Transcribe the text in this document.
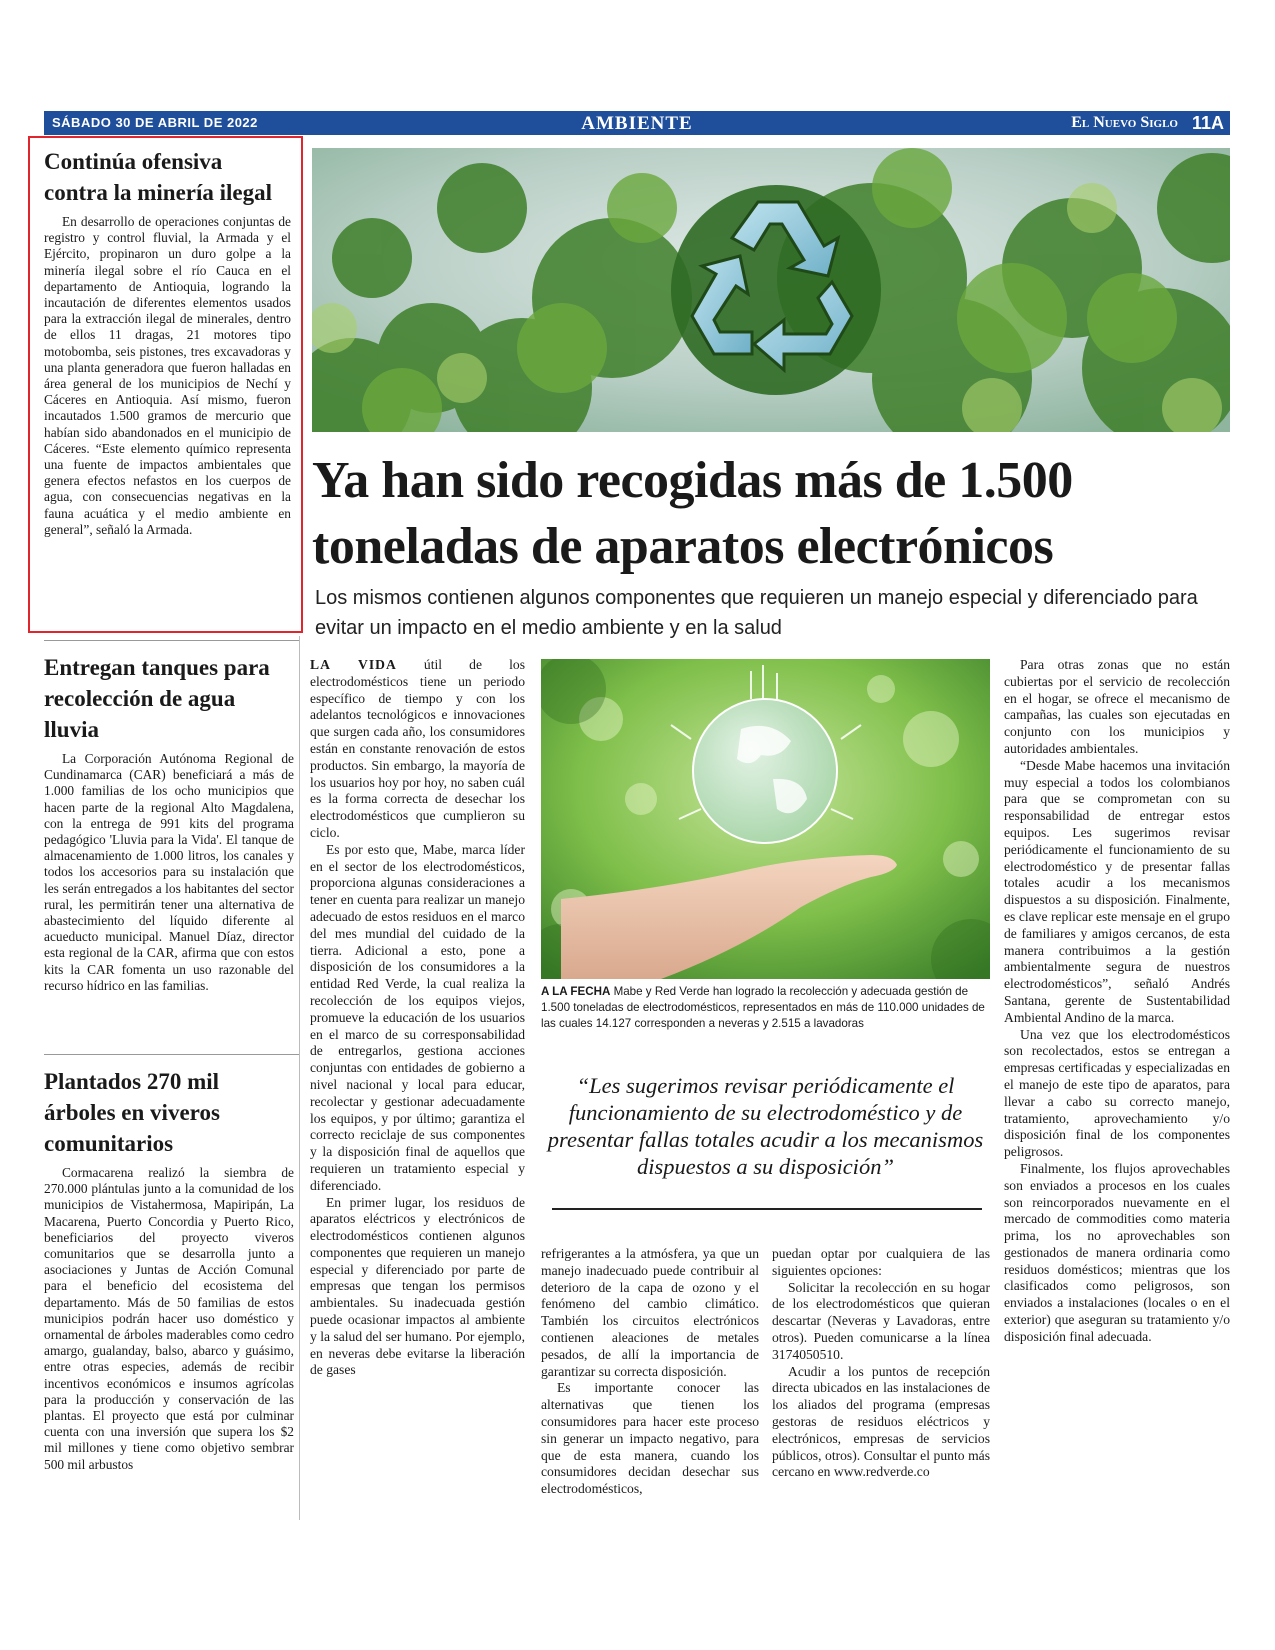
SÁBADO 30 DE ABRIL DE 2022	AMBIENTE	El Nuevo Siglo 11A
Continúa ofensiva contra la minería ilegal

En desarrollo de operaciones conjuntas de registro y control fluvial, la Armada y el Ejército, propinaron un duro golpe a la minería ilegal sobre el río Cauca en el departamento de Antioquia, logrando la incautación de diferentes elementos usados para la extracción ilegal de minerales, dentro de ellos 11 dragas, 21 motores tipo motobomba, seis pistones, tres excavadoras y una planta generadora que fueron halladas en área general de los municipios de Nechí y Cáceres en Antioquia. Así mismo, fueron incautados 1.500 gramos de mercurio que habían sido abandonados en el municipio de Cáceres. “Este elemento químico representa una fuente de impactos ambientales que genera efectos nefastos en los cuerpos de agua, con consecuencias negativas en la fauna acuática y el medio ambiente en general”, señaló la Armada.

Entregan tanques para recolección de agua lluvia

La Corporación Autónoma Regional de Cundinamarca (CAR) beneficiará a más de 1.000 familias de los ocho municipios que hacen parte de la regional Alto Magdalena, con la entrega de 991 kits del programa pedagógico 'Lluvia para la Vida'. El tanque de almacenamiento de 1.000 litros, los canales y todos los accesorios para su instalación que les serán entregados a los habitantes del sector rural, les permitirán tener una alternativa de abastecimiento del líquido diferente al acueducto municipal. Manuel Díaz, director esta regional de la CAR, afirma que con estos kits la CAR fomenta un uso razonable del recurso hídrico en las familias.

Plantados 270 mil árboles en viveros comunitarios

Cormacarena realizó la siembra de 270.000 plántulas junto a la comunidad de los municipios de Vistahermosa, Mapiripán, La Macarena, Puerto Concordia y Puerto Rico, beneficiarios del proyecto viveros comunitarios que se desarrolla junto a asociaciones y Juntas de Acción Comunal para el beneficio del ecosistema del departamento. Más de 50 familias de estos municipios podrán hacer uso doméstico y ornamental de árboles maderables como cedro amargo, gualanday, balso, abarco y guásimo, entre otras especies, además de recibir incentivos económicos e insumos agrícolas para la producción y conservación de las plantas. El proyecto que está por culminar cuenta con una inversión que supera los $2 mil millones y tiene como objetivo sembrar 500 mil arbustos

Ya han sido recogidas más de 1.500 toneladas de aparatos electrónicos

Los mismos contienen algunos componentes que requieren un manejo especial y diferenciado para evitar un impacto en el medio ambiente y en la salud

LA VIDA útil de los electrodomésticos tiene un periodo específico de tiempo y con los adelantos tecnológicos e innovaciones que surgen cada año, los consumidores están en constante renovación de estos productos. Sin embargo, la mayoría de los usuarios hoy por hoy, no saben cuál es la forma correcta de desechar los electrodomésticos que cumplieron su ciclo.

Es por esto que, Mabe, marca líder en el sector de los electrodomésticos, proporciona algunas consideraciones a tener en cuenta para realizar un manejo adecuado de estos residuos en el marco del mes mundial del cuidado de la tierra. Adicional a esto, pone a disposición de los consumidores a la entidad Red Verde, la cual realiza la recolección de los equipos viejos, promueve la educación de los usuarios en el marco de su corresponsabilidad de entregarlos, gestiona acciones conjuntas con entidades de gobierno a nivel nacional y local para educar, recolectar y gestionar adecuadamente los equipos, y por último; garantiza el correcto reciclaje de sus componentes y la disposición final de aquellos que requieren un tratamiento especial y diferenciado.

En primer lugar, los residuos de aparatos eléctricos y electrónicos de electrodomésticos contienen algunos componentes que requieren un manejo especial y diferenciado por parte de empresas que tengan los permisos ambientales. Su inadecuada gestión puede ocasionar impactos al ambiente y la salud del ser humano. Por ejemplo, en neveras debe evitarse la liberación de gases

A LA FECHA Mabe y Red Verde han logrado la recolección y adecuada gestión de 1.500 toneladas de electrodomésticos, representados en más de 110.000 unidades de las cuales 14.127 corresponden a neveras y 2.515 a lavadoras
“Les sugerimos revisar periódicamente el funcionamiento de su electrodoméstico y de presentar fallas totales acudir a los mecanismos dispuestos a su disposición”

refrigerantes a la atmósfera, ya que un manejo inadecuado puede contribuir al deterioro de la capa de ozono y el fenómeno del cambio climático. También los circuitos electrónicos contienen aleaciones de metales pesados, de allí la importancia de garantizar su correcta disposición.

Es importante conocer las alternativas que tienen los consumidores para hacer este proceso sin generar un impacto negativo, para que de esta manera, cuando los consumidores decidan desechar sus electrodomésticos,

puedan optar por cualquiera de las siguientes opciones:

Solicitar la recolección en su hogar de los electrodomésticos que quieran descartar (Neveras y Lavadoras, entre otros). Pueden comunicarse a la línea 3174050510.

Acudir a los puntos de recepción directa ubicados en las instalaciones de los aliados del programa (empresas gestoras de residuos eléctricos y electrónicos, empresas de servicios públicos, otros). Consultar el punto más cercano en www.redverde.co

Para otras zonas que no están cubiertas por el servicio de recolección en el hogar, se ofrece el mecanismo de campañas, las cuales son ejecutadas en conjunto con los municipios y autoridades ambientales.

“Desde Mabe hacemos una invitación muy especial a todos los colombianos para que se comprometan con su responsabilidad de entregar estos equipos. Les sugerimos revisar periódicamente el funcionamiento de su electrodoméstico y de presentar fallas totales acudir a los mecanismos dispuestos a su disposición. Finalmente, es clave replicar este mensaje en el grupo de familiares y amigos cercanos, de esta manera contribuimos a la gestión ambientalmente segura de nuestros electrodomésticos”, señaló Andrés Santana, gerente de Sustentabilidad Ambiental Andino de la marca.

Una vez que los electrodomésticos son recolectados, estos se entregan a empresas certificadas y especializadas en el manejo de este tipo de aparatos, para llevar a cabo su correcto manejo, tratamiento, aprovechamiento y/o disposición final de los componentes peligrosos.

Finalmente, los flujos aprovechables son enviados a procesos en los cuales son reincorporados nuevamente en el mercado de commodities como materia prima, los no aprovechables son gestionados de manera ordinaria como residuos domésticos; mientras que los clasificados como peligrosos, son enviados a instalaciones (locales o en el exterior) que aseguran su tratamiento y/o disposición final adecuada.
